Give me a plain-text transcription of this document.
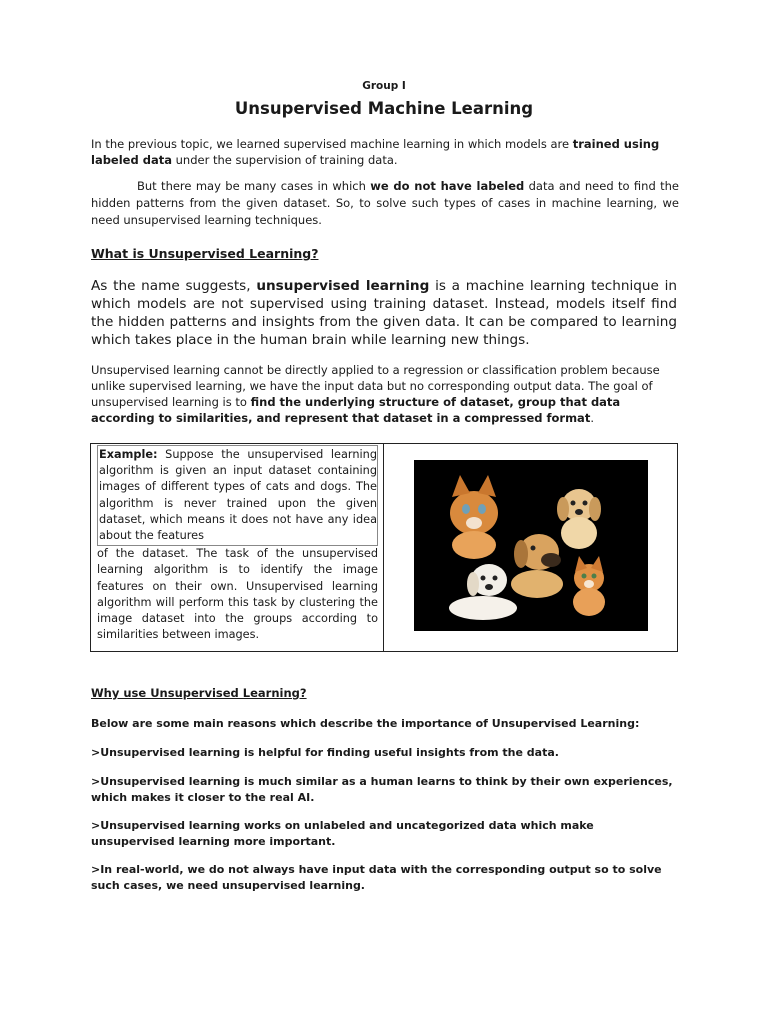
Group I
Unsupervised Machine Learning
In the previous topic, we learned supervised machine learning in which models are trained using labeled data under the supervision of training data.
But there may be many cases in which we do not have labeled data and need to find the hidden patterns from the given dataset. So, to solve such types of cases in machine learning, we need unsupervised learning techniques.
What is Unsupervised Learning?
As the name suggests, unsupervised learning is a machine learning technique in which models are not supervised using training dataset. Instead, models itself find the hidden patterns and insights from the given data. It can be compared to learning which takes place in the human brain while learning new things.
Unsupervised learning cannot be directly applied to a regression or classification problem because unlike supervised learning, we have the input data but no corresponding output data. The goal of unsupervised learning is to find the underlying structure of dataset, group that data according to similarities, and represent that dataset in a compressed format.
Example: Suppose the unsupervised learning algorithm is given an input dataset containing images of different types of cats and dogs. The algorithm is never trained upon the given dataset, which means it does not have any idea about the features
of the dataset. The task of the unsupervised learning algorithm is to identify the image features on their own. Unsupervised learning algorithm will perform this task by clustering the image dataset into the groups according to similarities between images.
Why use Unsupervised Learning?
Below are some main reasons which describe the importance of Unsupervised Learning:
>Unsupervised learning is helpful for finding useful insights from the data.
>Unsupervised learning is much similar as a human learns to think by their own experiences, which makes it closer to the real AI.
>Unsupervised learning works on unlabeled and uncategorized data which make unsupervised learning more important.
>In real-world, we do not always have input data with the corresponding output so to solve such cases, we need unsupervised learning.
